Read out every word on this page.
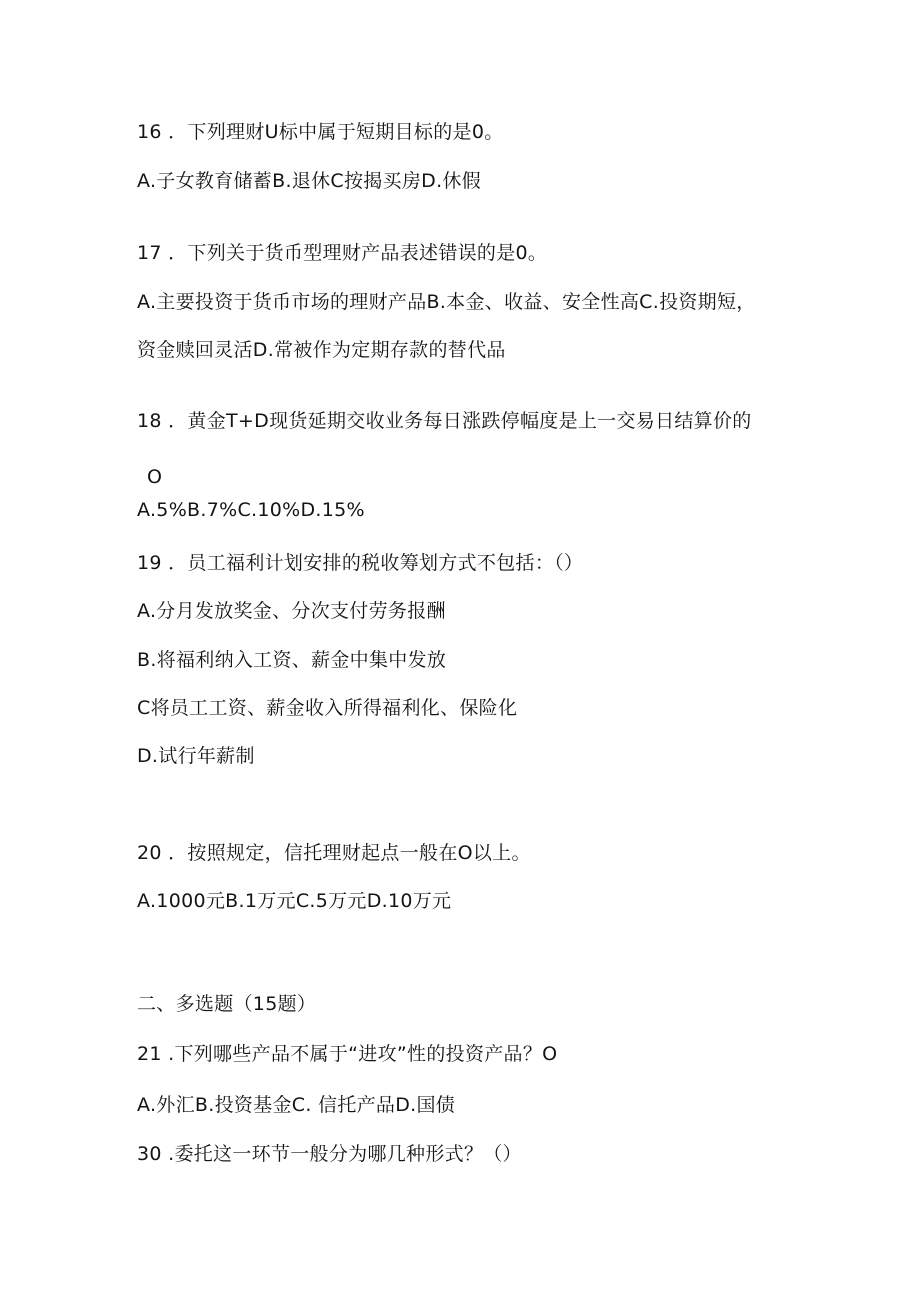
16 ．下列理财U标中属于短期目标的是0。
A.子女教育储蓄B.退休C按揭买房D.休假
17 ．下列关于货币型理财产品表述错误的是0。
A.主要投资于货币市场的理财产品B.本金、收益、安全性高C.投资期短，
资金赎回灵活D.常被作为定期存款的替代品
18 ．黄金T+D现货延期交收业务每日涨跌停幅度是上一交易日结算价的
O
A.5%B.7%C.10%D.15%
19 ．员工福利计划安排的税收筹划方式不包括：（）
A.分月发放奖金、分次支付劳务报酬
B.将福利纳入工资、薪金中集中发放
C将员工工资、薪金收入所得福利化、保险化
D.试行年薪制
20 ．按照规定，信托理财起点一般在O以上。
A.1000元B.1万元C.5万元D.10万元
二、多选题（15题）
21 .下列哪些产品不属于“进攻”性的投资产品？O
A.外汇B.投资基金C. 信托产品D.国债
30 .委托这一环节一般分为哪几种形式？（）
